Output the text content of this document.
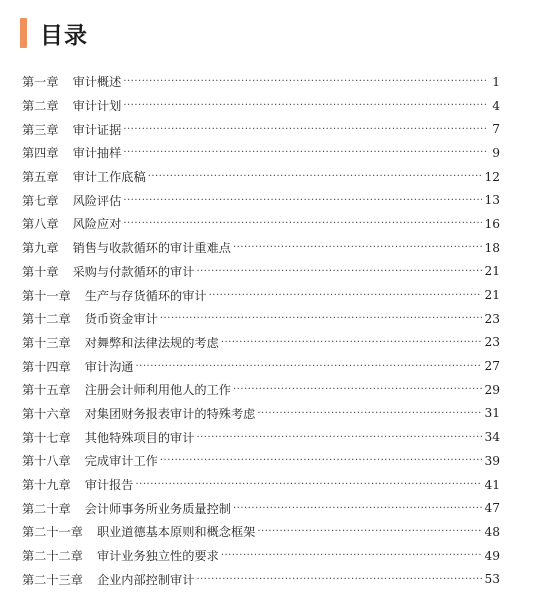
目录
第一章 审计概述 ·····	1
第二章 审计计划 ·····	4
第三章 审计证据 ·····	7
第四章 审计抽样 ·····	9
第五章 审计工作底稿 ·····	12
第七章 风险评估 ·····	13
第八章 风险应对 ·····	16
第九章 销售与收款循环的审计重难点 ·····	18
第十章 采购与付款循环的审计 ·····	21
第十一章 生产与存货循环的审计 ·····	21
第十二章 货币资金审计 ·····	23
第十三章 对舞弊和法律法规的考虑 ·····	23
第十四章 审计沟通 ·····	27
第十五章 注册会计师利用他人的工作 ·····	29
第十六章 对集团财务报表审计的特殊考虑 ·····	31
第十七章 其他特殊项目的审计 ·····	34
第十八章 完成审计工作 ·····	39
第十九章 审计报告 ·····	41
第二十章 会计师事务所业务质量控制 ·····	47
第二十一章 职业道德基本原则和概念框架 ·····	48
第二十二章 审计业务独立性的要求 ·····	49
第二十三章 企业内部控制审计 ·····	53
